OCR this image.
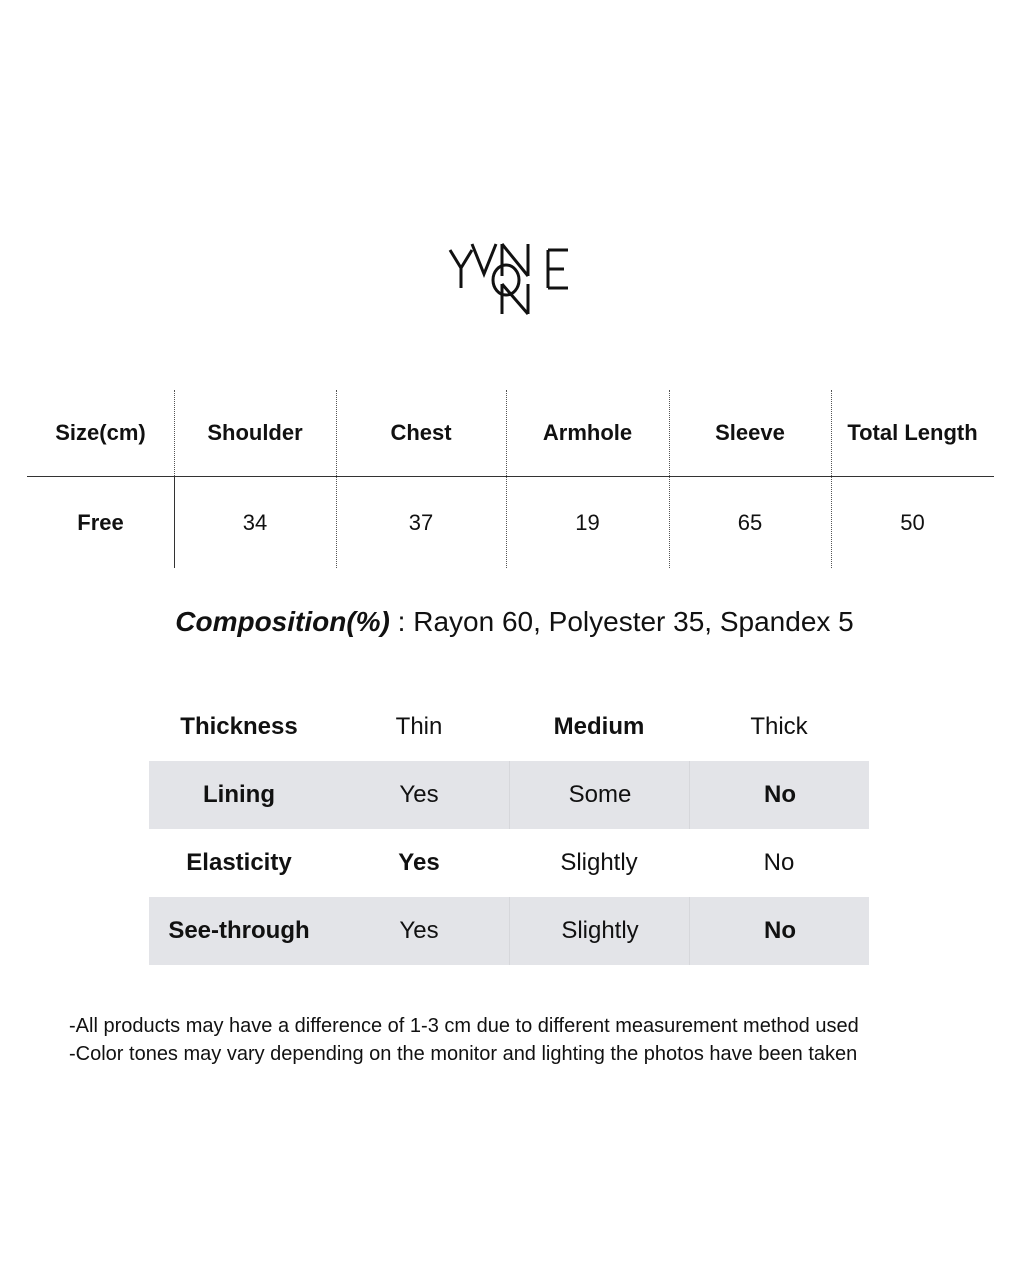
Size(cm)	Shoulder	Chest	Armhole	Sleeve	Total Length
Free	34	37	19	65	50
Composition(%) : Rayon 60, Polyester 35, Spandex 5
Thickness	Thin	Medium	Thick
Lining	Yes	Some	No
Elasticity	Yes	Slightly	No
See-through	Yes	Slightly	No
-All products may have a difference of 1-3 cm due to different measurement method used
-Color tones may vary depending on the monitor and lighting the photos have been taken
